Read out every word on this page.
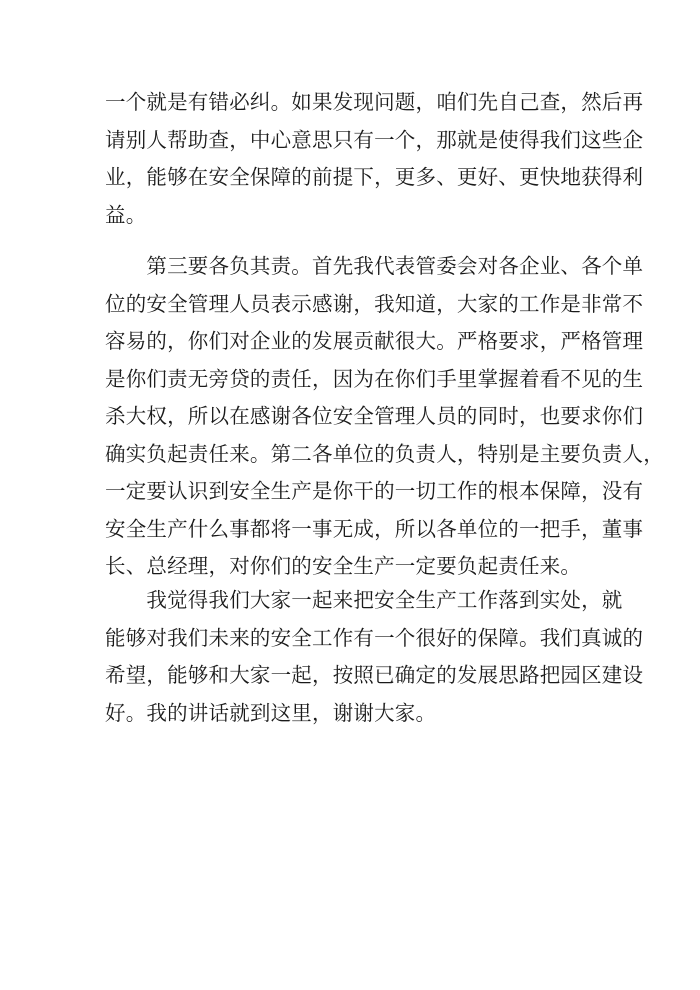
一个就是有错必纠。如果发现问题，咱们先自己查，然后再
请别人帮助查，中心意思只有一个，那就是使得我们这些企
业，能够在安全保障的前提下，更多、更好、更快地获得利
益。
　　第三要各负其责。首先我代表管委会对各企业、各个单
位的安全管理人员表示感谢，我知道，大家的工作是非常不
容易的，你们对企业的发展贡献很大。严格要求，严格管理
是你们责无旁贷的责任，因为在你们手里掌握着看不见的生
杀大权，所以在感谢各位安全管理人员的同时，也要求你们
确实负起责任来。第二各单位的负责人，特别是主要负责人，
一定要认识到安全生产是你干的一切工作的根本保障，没有
安全生产什么事都将一事无成，所以各单位的一把手，董事
长、总经理，对你们的安全生产一定要负起责任来。
　　我觉得我们大家一起来把安全生产工作落到实处，就
能够对我们未来的安全工作有一个很好的保障。我们真诚的
希望，能够和大家一起，按照已确定的发展思路把园区建设
好。我的讲话就到这里，谢谢大家。
